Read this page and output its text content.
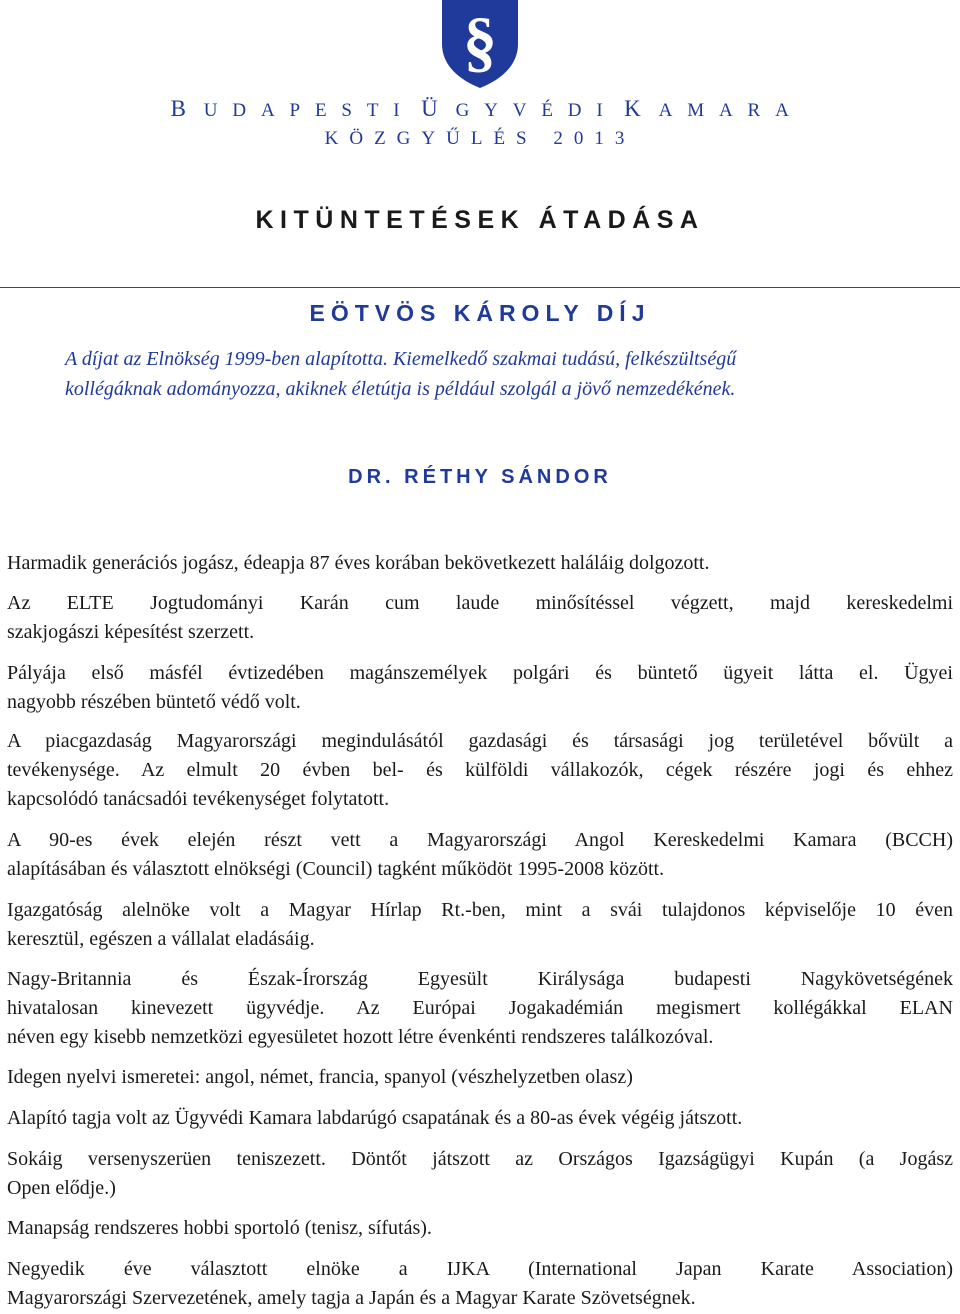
§
B U D A P E S T I Ü G Y V É D I K A M A R A
KÖZGYŰLÉS 2013
KITÜNTETÉSEK ÁTADÁSA
EÖTVÖS KÁROLY DÍJ
A díjat az Elnökség 1999-ben alapította. Kiemelkedő szakmai tudású, felkészültségű
kollégáknak adományozza, akiknek életútja is például szolgál a jövő nemzedékének.
DR. RÉTHY SÁNDOR
Harmadik generációs jogász, édeapja 87 éves korában bekövetkezett haláláig dolgozott.
Az ELTE Jogtudományi Karán cum laude minősítéssel végzett, majd kereskedelmi
szakjogászi képesítést szerzett.
Pályája első másfél évtizedében magánszemélyek polgári és büntető ügyeit látta el. Ügyei
nagyobb részében büntető védő volt.
A piacgazdaság Magyarországi megindulásától gazdasági és társasági jog területével bővült a
tevékenysége. Az elmult 20 évben bel- és külföldi vállakozók, cégek részére jogi és ehhez
kapcsolódó tanácsadói tevékenységet folytatott.
A 90-es évek elején részt vett a Magyarországi Angol Kereskedelmi Kamara (BCCH)
alapításában és választott elnökségi (Council) tagként működöt 1995-2008 között.
Igazgatóság alelnöke volt a Magyar Hírlap Rt.-ben, mint a svái tulajdonos képviselője 10 éven
keresztül, egészen a vállalat eladásáig.
Nagy-Britannia és Észak-Írország Egyesült Királysága budapesti Nagykövetségének
hivatalosan kinevezett ügyvédje. Az Európai Jogakadémián megismert kollégákkal ELAN
néven egy kisebb nemzetközi egyesületet hozott létre évenkénti rendszeres találkozóval.
Idegen nyelvi ismeretei: angol, német, francia, spanyol (vészhelyzetben olasz)
Alapító tagja volt az Ügyvédi Kamara labdarúgó csapatának és a 80-as évek végéig játszott.
Sokáig versenyszerüen teniszezett. Döntőt játszott az Országos Igazságügyi Kupán (a Jogász
Open elődje.)
Manapság rendszeres hobbi sportoló (tenisz, sífutás).
Negyedik éve választott elnöke a IJKA (International Japan Karate Association)
Magyarországi Szervezetének, amely tagja a Japán és a Magyar Karate Szövetségnek.
